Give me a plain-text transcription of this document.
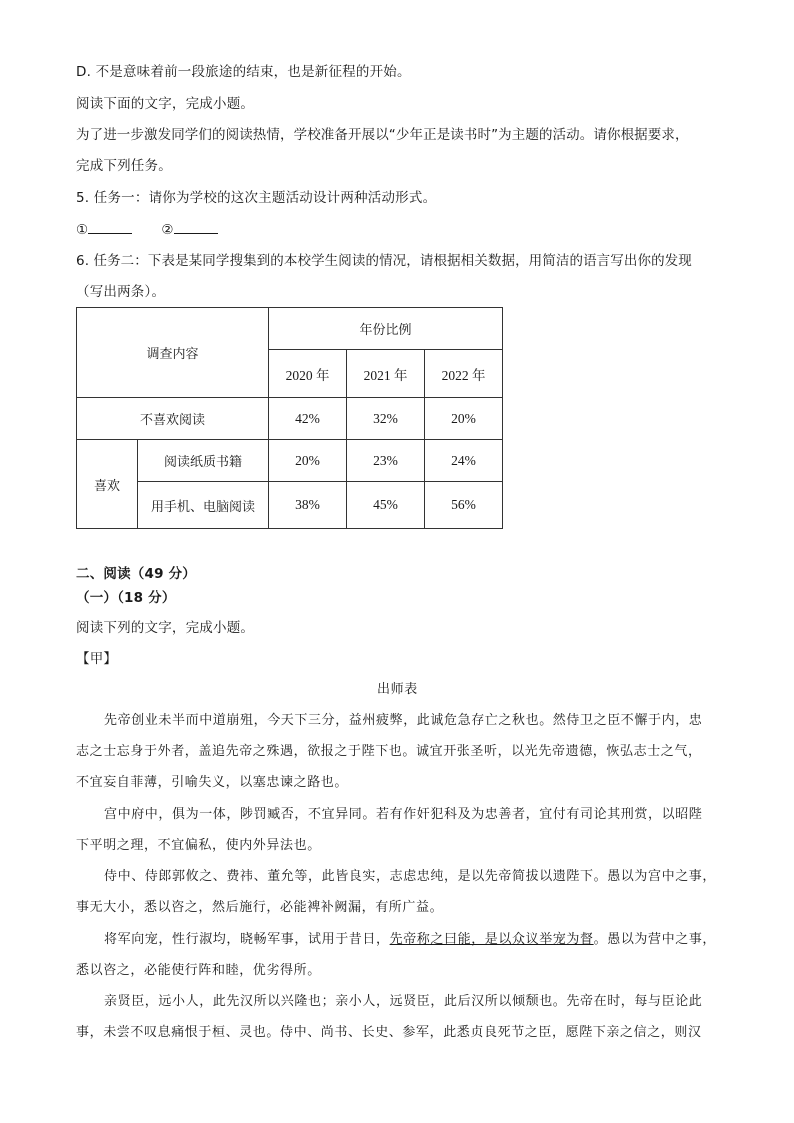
D. 不是意味着前一段旅途的结束，也是新征程的开始。
阅读下面的文字，完成小题。
为了进一步激发同学们的阅读热情，学校准备开展以“少年正是读书时”为主题的活动。请你根据要求，
完成下列任务。
5. 任务一：请你为学校的这次主题活动设计两种活动形式。
①	②
6. 任务二：下表是某同学搜集到的本校学生阅读的情况，请根据相关数据，用简洁的语言写出你的发现
（写出两条）。
调查内容		年份比例		
		2020 年	2021 年	2022 年
不喜欢阅读		42%	32%	20%
喜欢	阅读纸质书籍	20%	23%	24%
	用手机、电脑阅读	38%	45%	56%
二、阅读（49 分）
（一）（18 分）
阅读下列的文字，完成小题。
【甲】
出师表
先帝创业未半而中道崩殂，今天下三分，益州疲弊，此诚危急存亡之秋也。然侍卫之臣不懈于内，忠
志之士忘身于外者，盖追先帝之殊遇，欲报之于陛下也。诚宜开张圣听，以光先帝遗德，恢弘志士之气，
不宜妄自菲薄，引喻失义，以塞忠谏之路也。
宫中府中，俱为一体，陟罚臧否，不宜异同。若有作奸犯科及为忠善者，宜付有司论其刑赏，以昭陛
下平明之理，不宜偏私，使内外异法也。
侍中、侍郎郭攸之、费祎、董允等，此皆良实，志虑忠纯，是以先帝简拔以遗陛下。愚以为宫中之事，
事无大小，悉以咨之，然后施行，必能裨补阙漏，有所广益。
将军向宠，性行淑均，晓畅军事，试用于昔日，先帝称之曰能，是以众议举宠为督。愚以为营中之事，
悉以咨之，必能使行阵和睦，优劣得所。
亲贤臣，远小人，此先汉所以兴隆也；亲小人，远贤臣，此后汉所以倾颓也。先帝在时，每与臣论此
事，未尝不叹息痛恨于桓、灵也。侍中、尚书、长史、参军，此悉贞良死节之臣，愿陛下亲之信之，则汉
